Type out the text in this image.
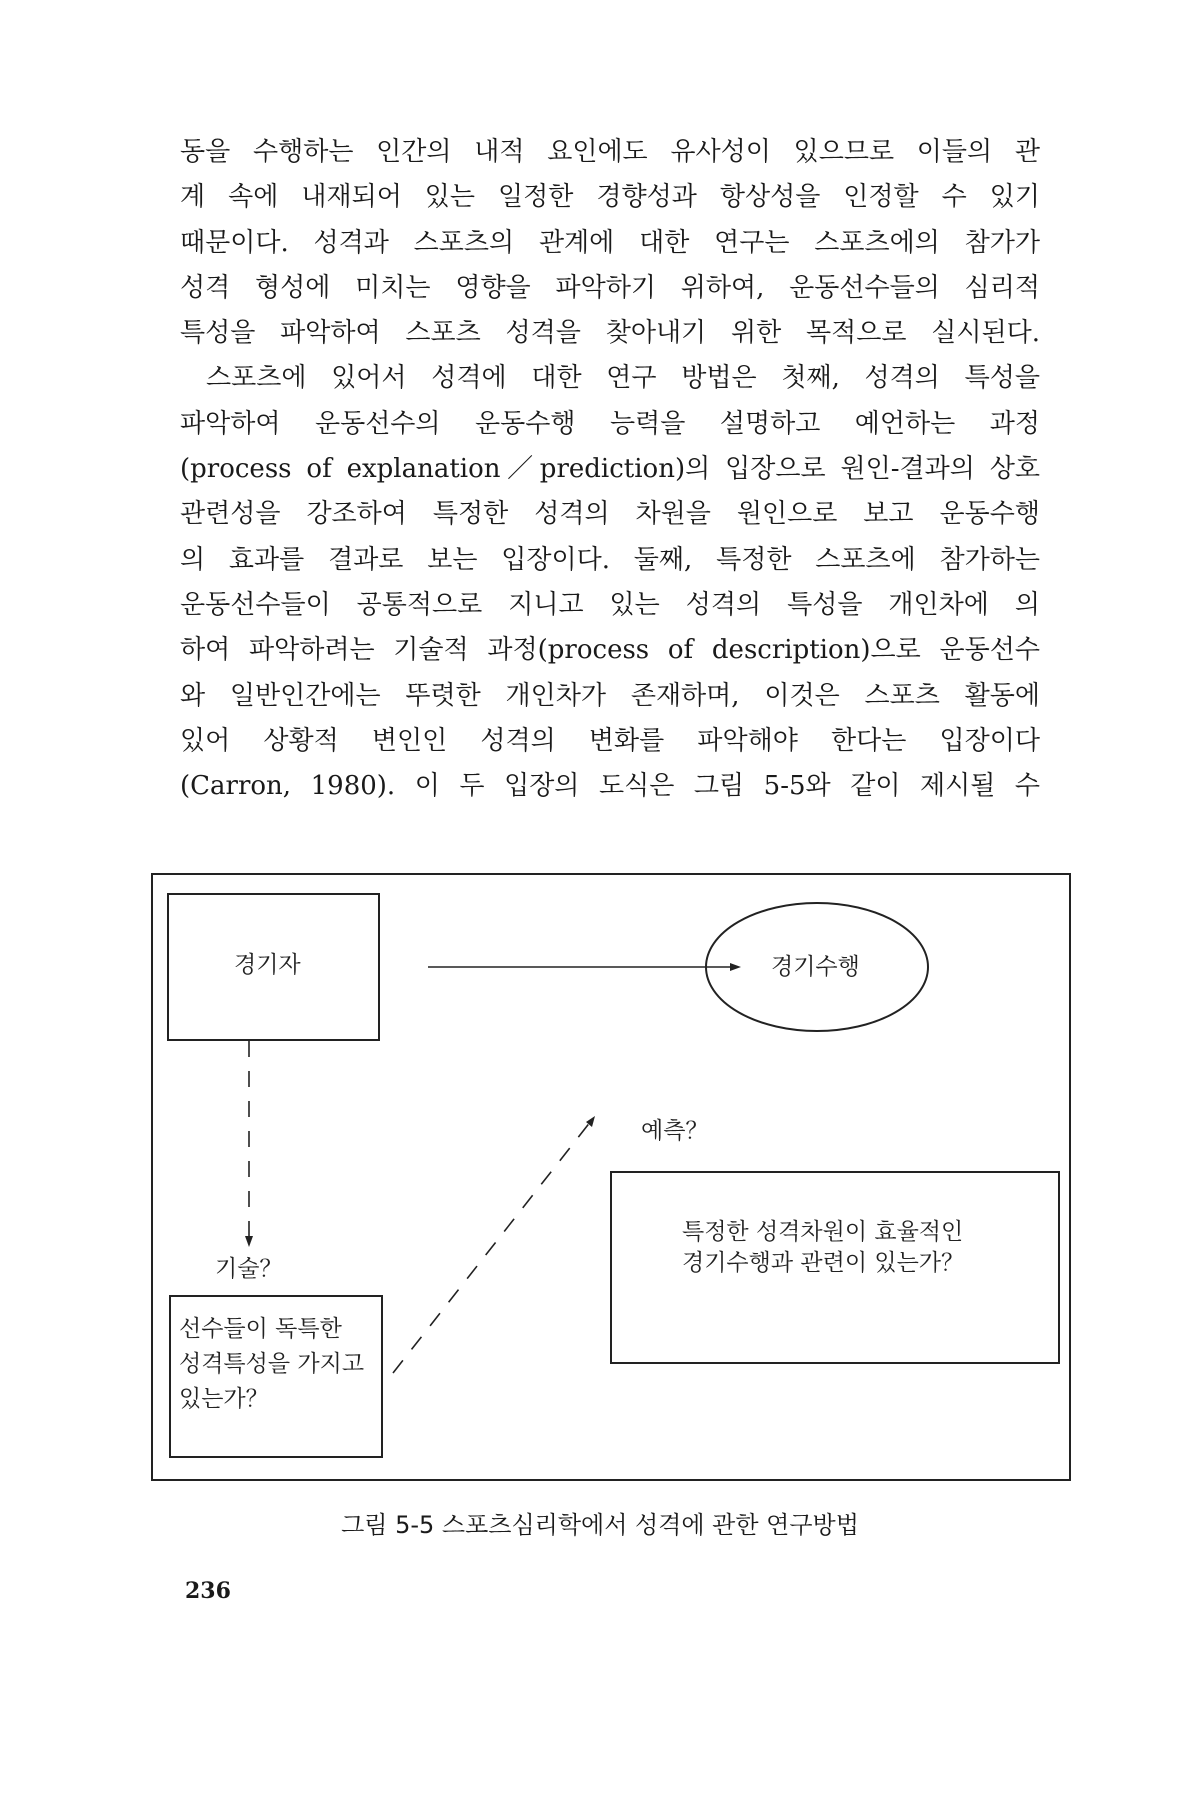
동을 수행하는 인간의 내적 요인에도 유사성이 있으므로 이들의 관
계 속에 내재되어 있는 일정한 경향성과 항상성을 인정할 수 있기
때문이다. 성격과 스포츠의 관계에 대한 연구는 스포츠에의 참가가
성격 형성에 미치는 영향을 파악하기 위하여, 운동선수들의 심리적
특성을 파악하여 스포츠 성격을 찾아내기 위한 목적으로 실시된다.
스포츠에 있어서 성격에 대한 연구 방법은 첫째, 성격의 특성을
파악하여 운동선수의 운동수행 능력을 설명하고 예언하는 과정
(process of explanation／prediction)의 입장으로 원인-결과의 상호
관련성을 강조하여 특정한 성격의 차원을 원인으로 보고 운동수행
의 효과를 결과로 보는 입장이다. 둘째, 특정한 스포츠에 참가하는
운동선수들이 공통적으로 지니고 있는 성격의 특성을 개인차에 의
하여 파악하려는 기술적 과정(process of description)으로 운동선수
와 일반인간에는 뚜렷한 개인차가 존재하며, 이것은 스포츠 활동에
있어 상황적 변인인 성격의 변화를 파악해야 한다는 입장이다
(Carron, 1980). 이 두 입장의 도식은 그림 5-5와 같이 제시될 수
경기자	경기수행
기술？
예측？
선수들이 독특한
성격특성을 가지고
있는가？
특정한 성격차원이 효율적인
경기수행과 관련이 있는가？
그림 5-5 스포츠심리학에서 성격에 관한 연구방법
236
